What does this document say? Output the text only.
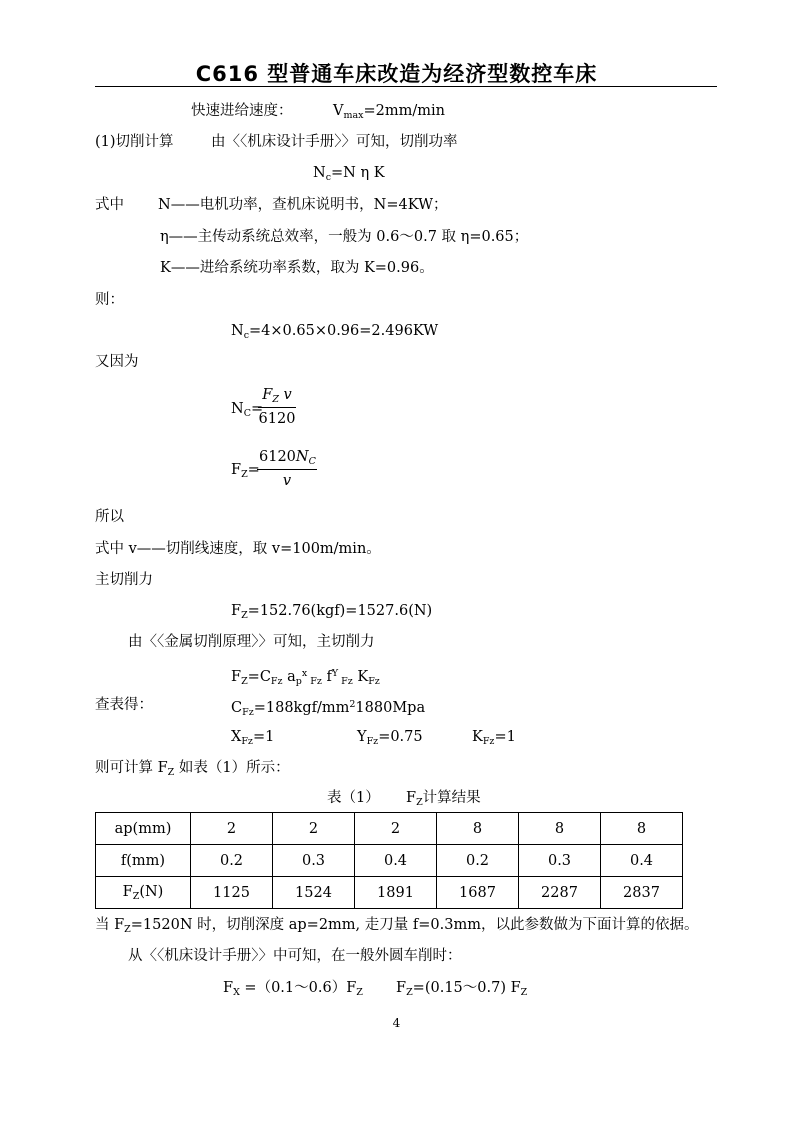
C616 型普通车床改造为经济型数控车床
快速进给速度：	$V_{max}=2mm/\min$
(1)切削计算	由〈〈机床设计手册〉〉可知，切削功率
$N_c=N$ η K
式中 N——电机功率，查机床说明书，N=4KW；
η——主传动系统总效率，一般为 0.6～0.7 取 η=0.65；
K——进给系统功率系数，取为 K=0.96。
则：
$N_c=4\times 0.65\times 0.96=2.496KW$
又因为
$N_C=$
$F_Z$ v
6120
$F_Z=$
$6120N_C$
v
所以
式中 v——切削线速度，取 v=100m/min。
主切削力
$F_Z=152.76(kgf)=1527.6(N)$
由〈〈金属切削原理〉〉可知，主切削力
$F_Z=C_{Fz}$ $a_p^x$ $_{Fz}$ $f^Y$ $_{Fz}$ $K_{Fz}$
查表得：	$C_{Fz}=188kgf/mm^21880Mpa$
$X_{Fz}=1$	$Y_{Fz}=0.75$	$K_{Fz}=1$
则可计算 $F_Z$ 如表（1）所示：
表（1） $F_Z$计算结果
ap(mm)	2	2	2	8	8	8
f(mm)	0.2	0.3	0.4	0.2	0.3	0.4
$F_Z(N)$	1125	1524	1891	1687	2287	2837
当 $F_Z=1520N$ 时，切削深度 ap=2mm, 走刀量 f=0.3mm，以此参数做为下面计算的依据。
从〈〈机床设计手册〉〉中可知，在一般外圆车削时：
$F_X$ $=(0.1\sim 0.6)F_Z$ $F_Z=(0.15\sim 0.7)$ $F_Z$
4
